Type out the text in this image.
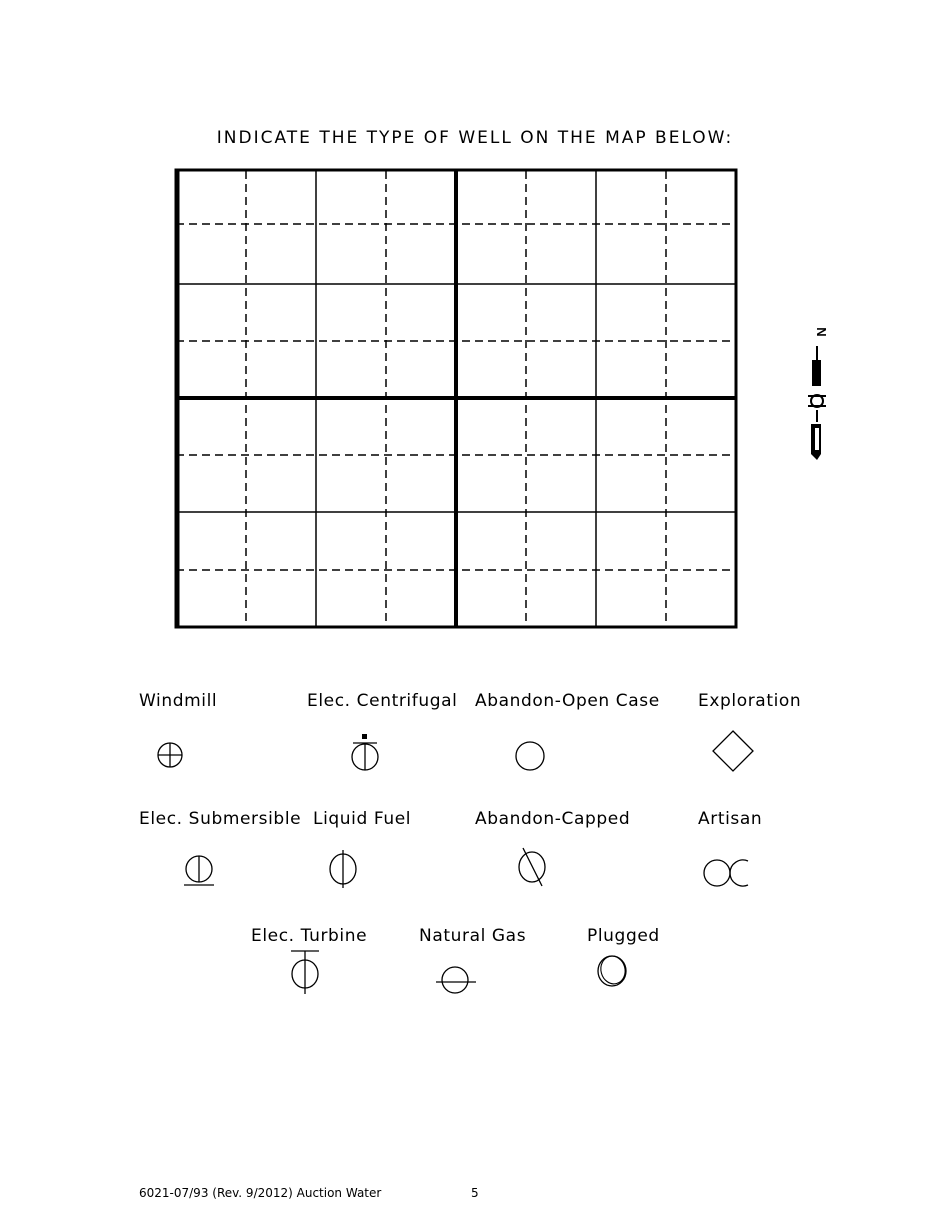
INDICATE THE TYPE OF WELL ON THE MAP BELOW:
N
Windmill	Elec. Centrifugal Abandon-Open Case Exploration
Elec. Submersible Liquid Fuel	Abandon-Capped	Artisan
Elec. Turbine	Natural Gas	Plugged
6021-07/93 (Rev. 9/2012) Auction Water	5
